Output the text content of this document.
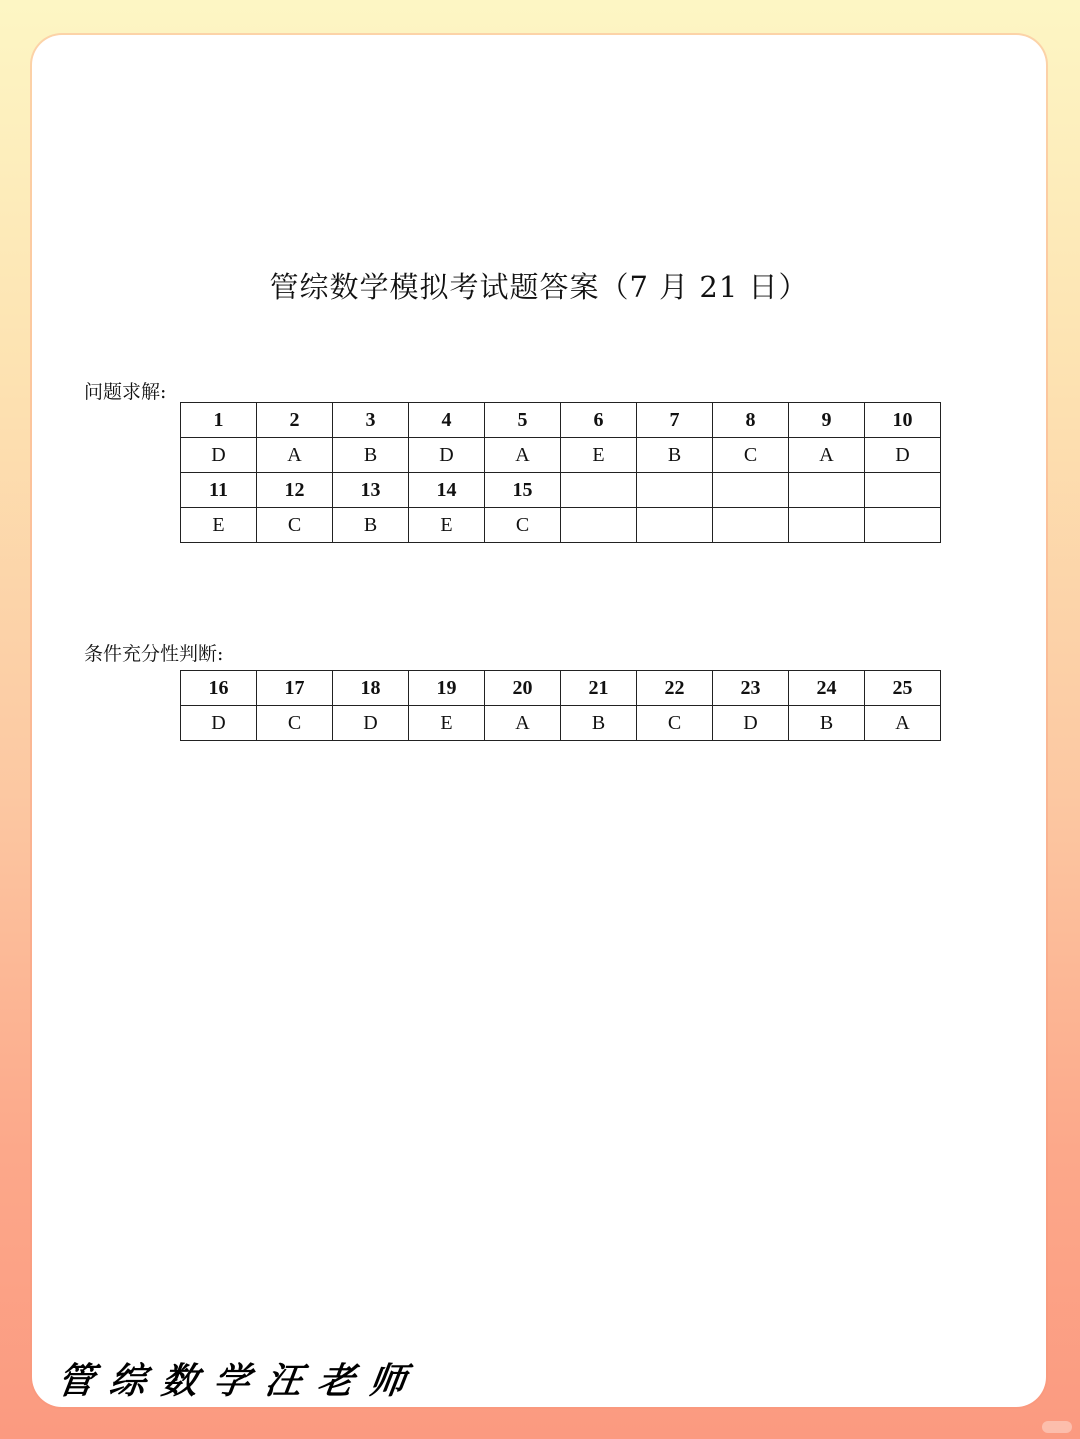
管综数学模拟考试题答案（7 月 21 日）
问题求解:
1	2	3	4	5	6	7	8	9	10
D	A	B	D	A	E	B	C	A	D
11	12	13	14	15					
E	C	B	E	C					
条件充分性判断:
16	17	18	19	20	21	22	23	24	25
D	C	D	E	A	B	C	D	B	A
管综数学汪老师
